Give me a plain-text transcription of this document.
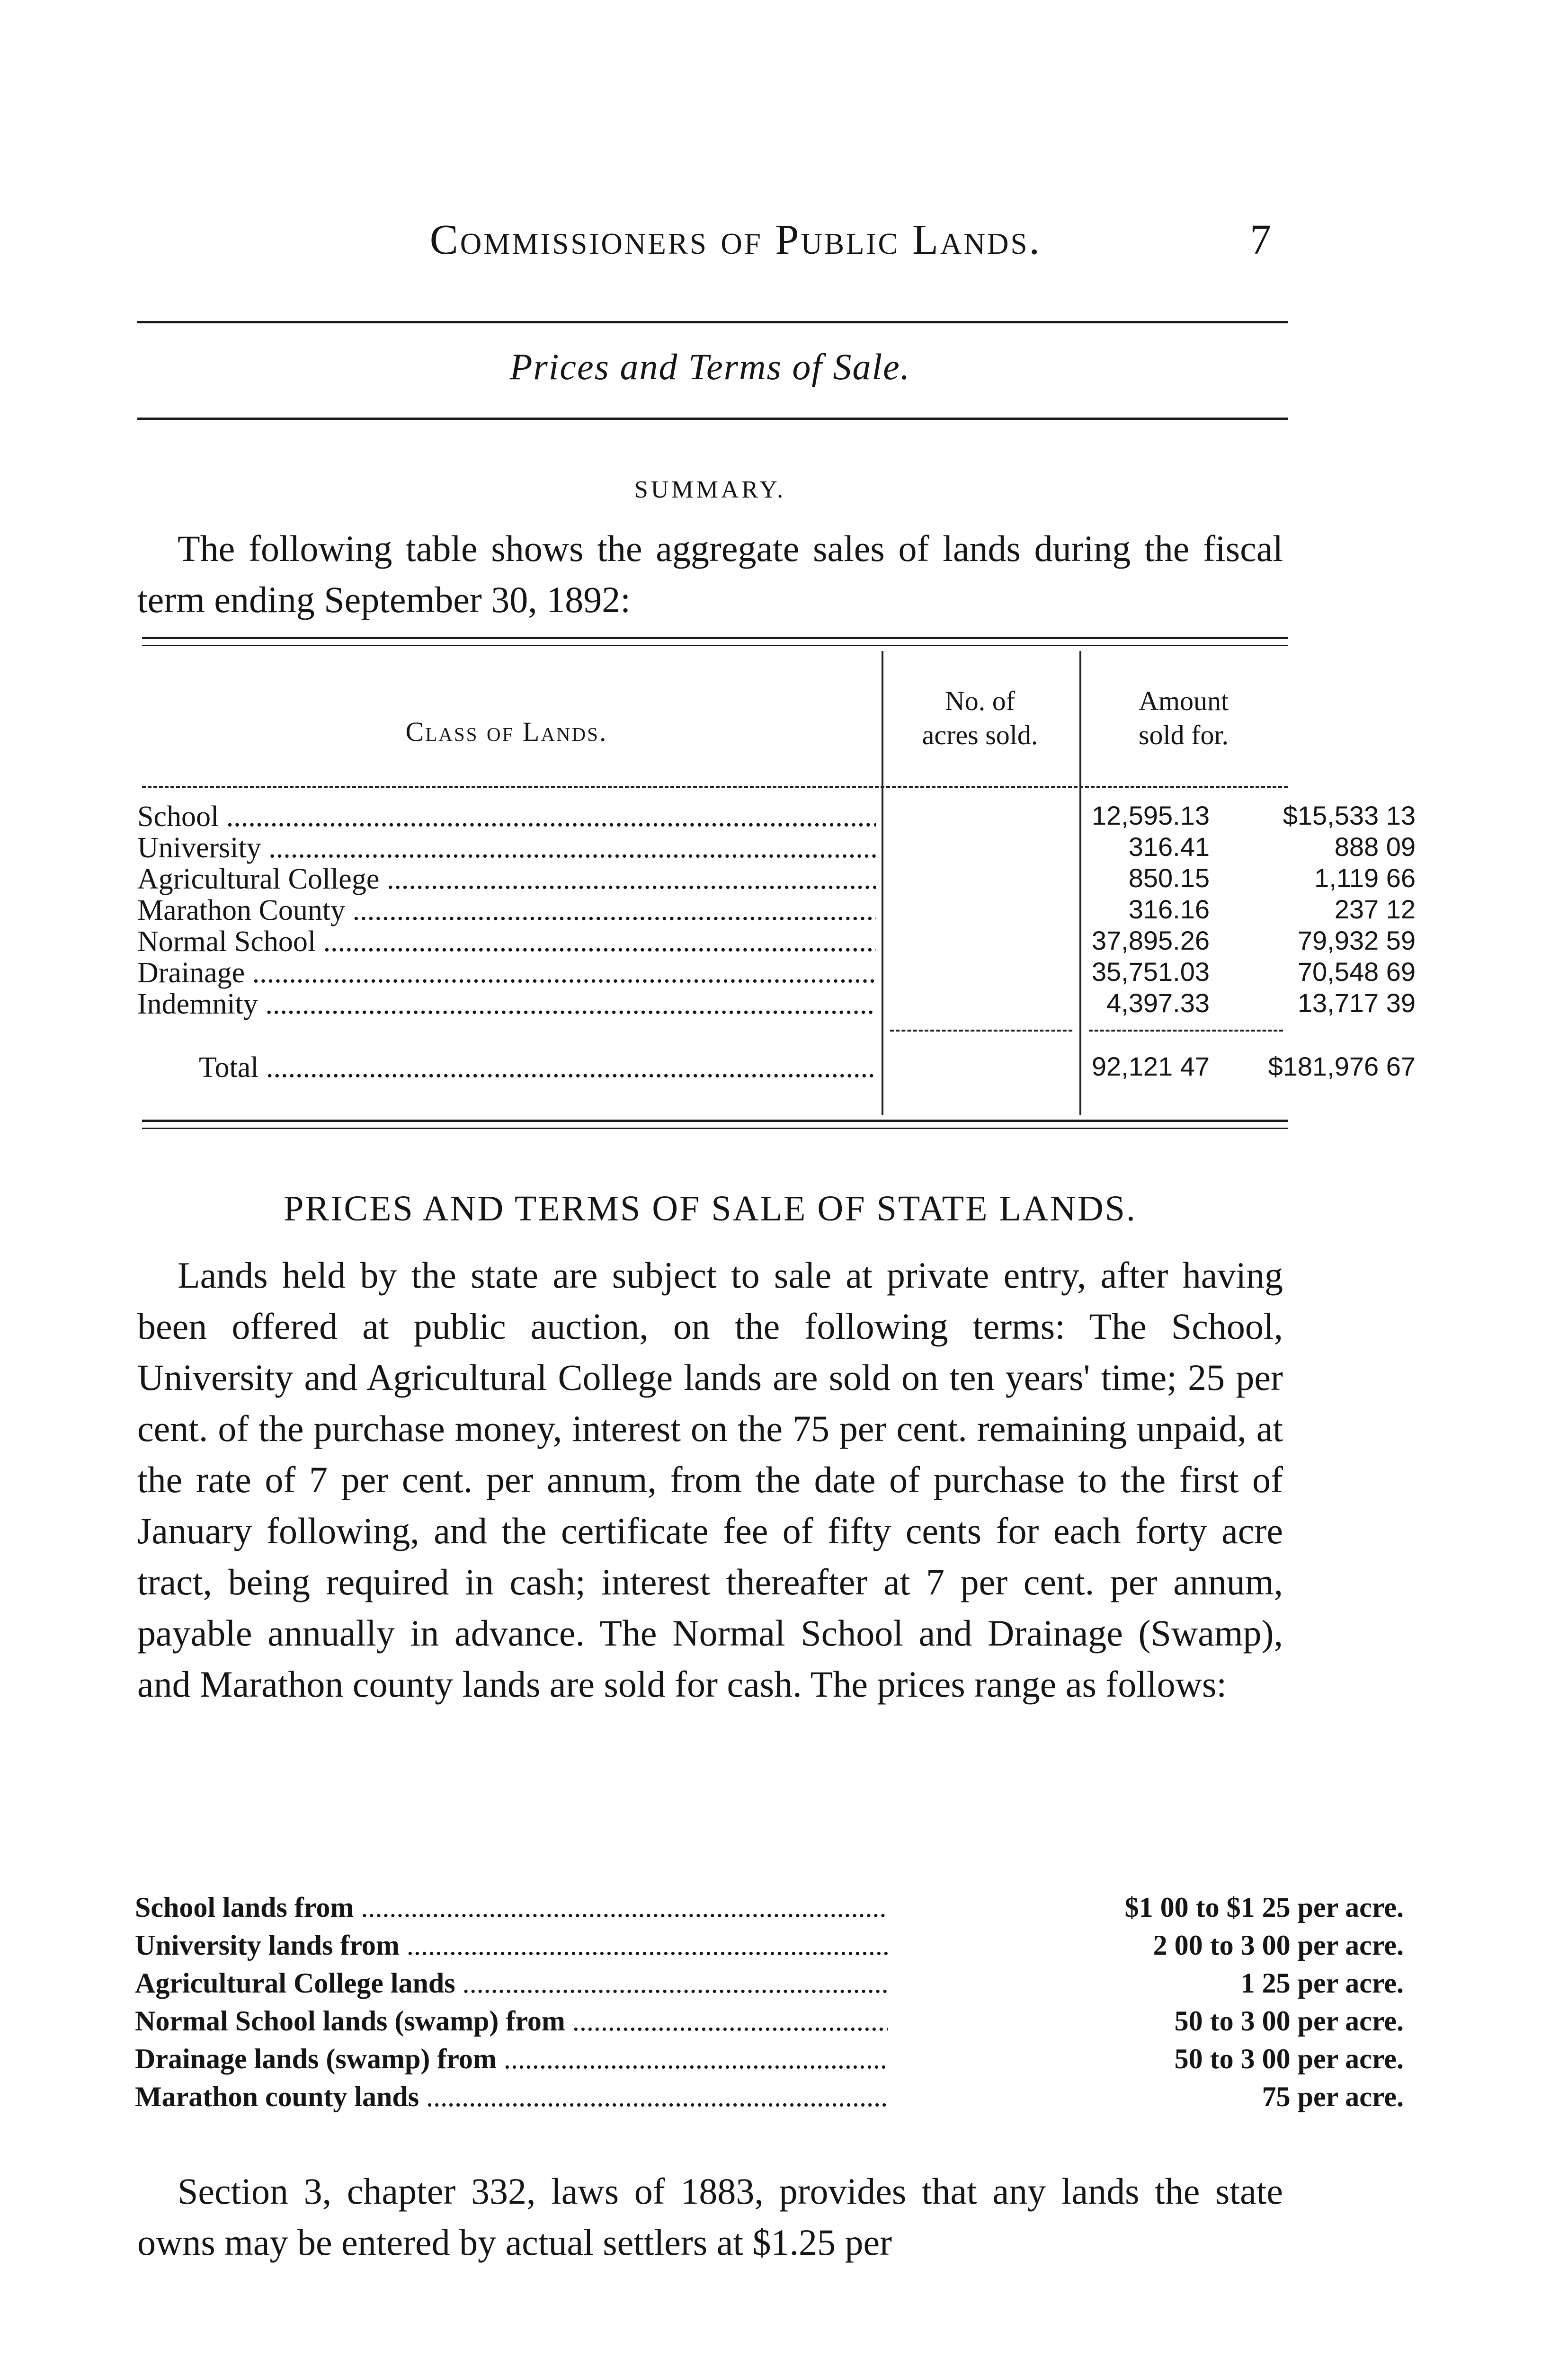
Commissioners of Public Lands.	7
Prices and Terms of Sale.
SUMMARY.
The following table shows the aggregate sales of lands during the fiscal term ending September 30, 1892:
Class of Lands.
No. of
acres sold.
Amount
sold for.
School .....	12,595.13	$15,533 13
University .....	316.41	888 09
Agricultural College .....	850.15	1,119 66
Marathon County .....	316.16	237 12
Normal School .....	37,895.26	79,932 59
Drainage .....	35,751.03	70,548 69
Indemnity .....	4,397.33	13,717 39
Total .....	92,121 47	$181,976 67
PRICES AND TERMS OF SALE OF STATE LANDS.
Lands held by the state are subject to sale at private entry, after having been offered at public auction, on the following terms: The School, University and Agricultural College lands are sold on ten years' time; 25 per cent. of the purchase money, interest on the 75 per cent. remaining unpaid, at the rate of 7 per cent. per annum, from the date of purchase to the first of January following, and the certificate fee of fifty cents for each forty acre tract, being required in cash; interest thereafter at 7 per cent. per annum, payable annually in advance. The Normal School and Drainage (Swamp), and Marathon county lands are sold for cash. The prices range as follows:
School lands from .....	$1 00 to $1 25 per acre.
University lands from .....	2 00 to 3 00 per acre.
Agricultural College lands .....	1 25 per acre.
Normal School lands (swamp) from .....	50 to 3 00 per acre.
Drainage lands (swamp) from .....	50 to 3 00 per acre.
Marathon county lands .....	75 per acre.
Section 3, chapter 332, laws of 1883, provides that any lands the state owns may be entered by actual settlers at $1.25 per
